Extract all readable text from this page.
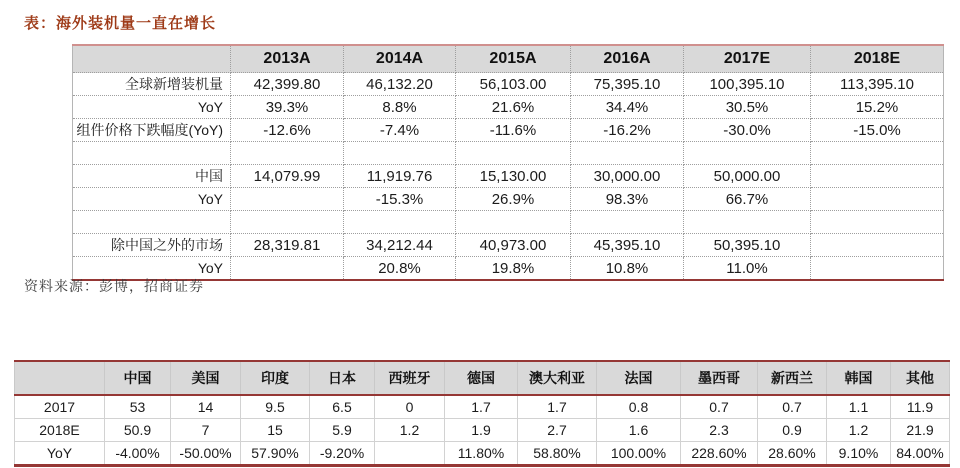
表：海外装机量一直在增长
	2013A	2014A	2015A	2016A	2017E	2018E
全球新增装机量	42,399.80	46,132.20	56,103.00	75,395.10	100,395.10	113,395.10
YoY	39.3%	8.8%	21.6%	34.4%	30.5%	15.2%
组件价格下跌幅度(YoY)	-12.6%	-7.4%	-11.6%	-16.2%	-30.0%	-15.0%

中国	14,079.99	11,919.76	15,130.00	30,000.00	50,000.00	
YoY		-15.3%	26.9%	98.3%	66.7%	

除中国之外的市场	28,319.81	34,212.44	40,973.00	45,395.10	50,395.10	
YoY		20.8%	19.8%	10.8%	11.0%	
资料来源：彭博，招商证券
	中国	美国	印度	日本	西班牙	德国	澳大利亚	法国	墨西哥	新西兰	韩国	其他
2017	53	14	9.5	6.5	0	1.7	1.7	0.8	0.7	0.7	1.1	11.9
2018E	50.9	7	15	5.9	1.2	1.9	2.7	1.6	2.3	0.9	1.2	21.9
YoY	-4.00%	-50.00%	57.90%	-9.20%		11.80%	58.80%	100.00%	228.60%	28.60%	9.10%	84.00%
